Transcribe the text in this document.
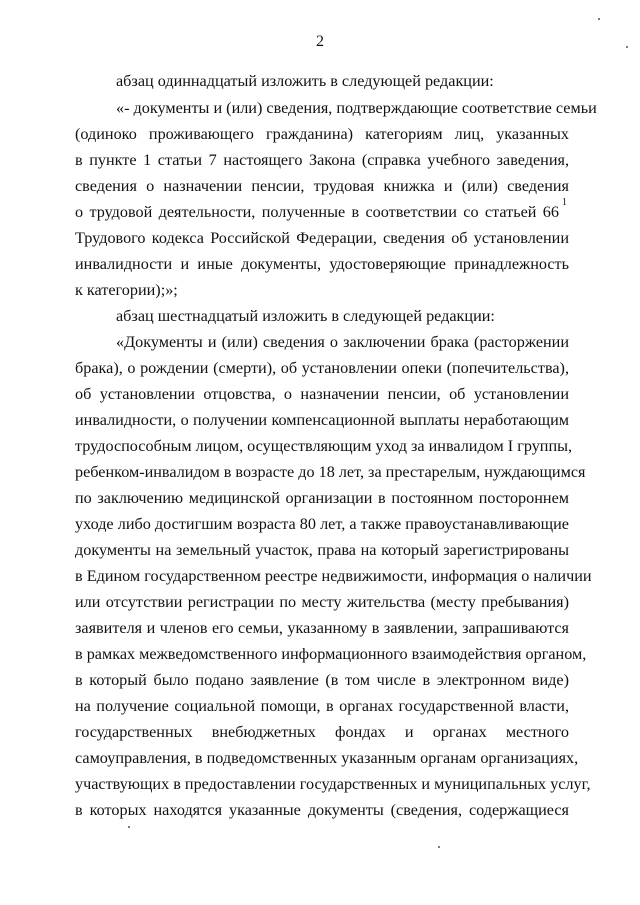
2
абзац одиннадцатый изложить в следующей редакции:
«- документы и (или) сведения, подтверждающие соответствие семьи
(одиноко проживающего гражданина) категориям лиц, указанных
в пункте 1 статьи 7 настоящего Закона (справка учебного заведения,
сведения о назначении пенсии, трудовая книжка и (или) сведения
о трудовой деятельности, полученные в соответствии со статьей 66
1
Трудового кодекса Российской Федерации, сведения об установлении
инвалидности и иные документы, удостоверяющие принадлежность
к категории);»;
абзац шестнадцатый изложить в следующей редакции:
«Документы и (или) сведения о заключении брака (расторжении
брака), о рождении (смерти), об установлении опеки (попечительства),
об установлении отцовства, о назначении пенсии, об установлении
инвалидности, о получении компенсационной выплаты неработающим
трудоспособным лицом, осуществляющим уход за инвалидом I группы,
ребенком-инвалидом в возрасте до 18 лет, за престарелым, нуждающимся
по заключению медицинской организации в постоянном постороннем
уходе либо достигшим возраста 80 лет, а также правоустанавливающие
документы на земельный участок, права на который зарегистрированы
в Едином государственном реестре недвижимости, информация о наличии
или отсутствии регистрации по месту жительства (месту пребывания)
заявителя и членов его семьи, указанному в заявлении, запрашиваются
в рамках межведомственного информационного взаимодействия органом,
в который было подано заявление (в том числе в электронном виде)
на получение социальной помощи, в органах государственной власти,
государственных внебюджетных фондах и органах местного
самоуправления, в подведомственных указанным органам организациях,
участвующих в предоставлении государственных и муниципальных услуг,
в которых находятся указанные документы (сведения, содержащиеся
